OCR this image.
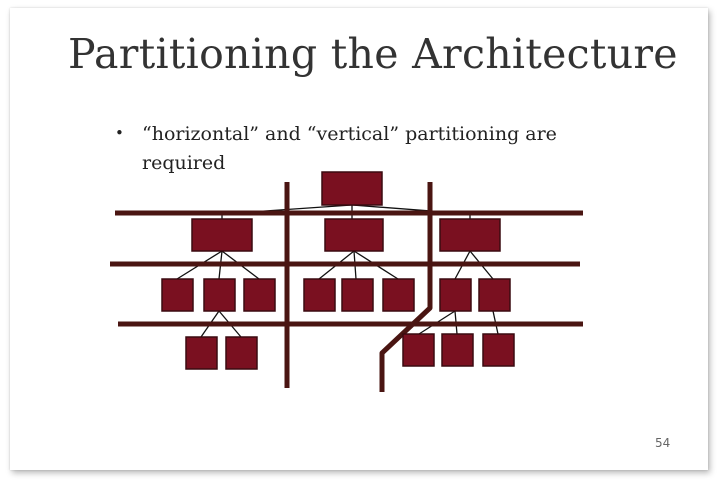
Partitioning the Architecture
• “horizontal” and “vertical” partitioning are required

54
